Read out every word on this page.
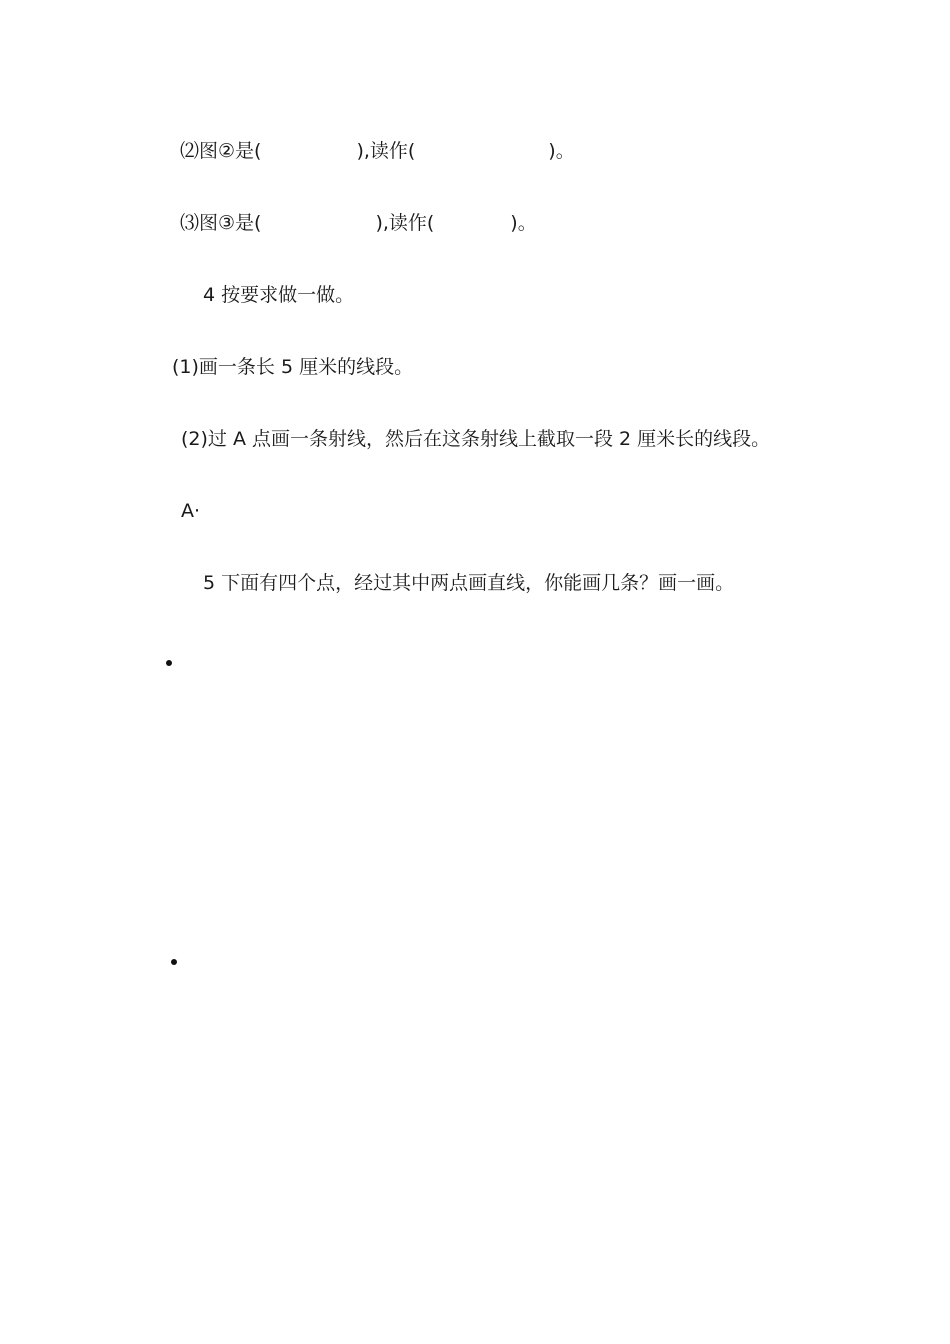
⑵图②是(　　　　　),读作(　　　　　　　)。

⑶图③是(　　　　　　),读作(　　　　)。

4 按要求做一做。

(1)画一条长 5 厘米的线段。

(2)过 A 点画一条射线，然后在这条射线上截取一段 2 厘米长的线段。

A·

5 下面有四个点，经过其中两点画直线，你能画几条？画一画。
